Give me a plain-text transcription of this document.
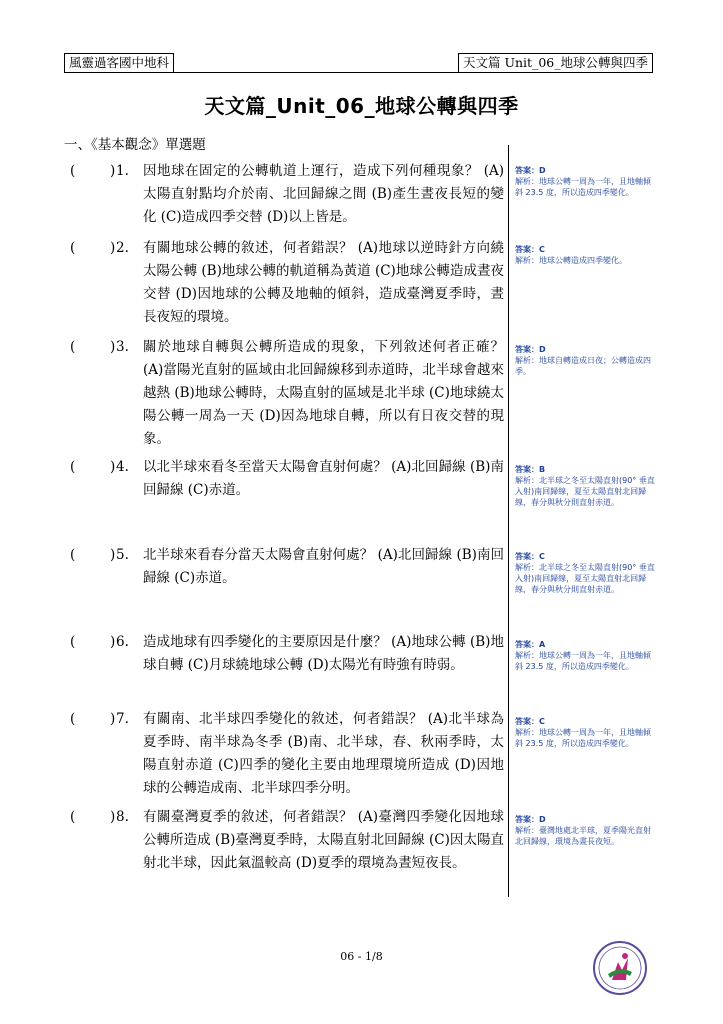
風靈過客國中地科	天文篇 Unit_06_地球公轉與四季
天文篇_Unit_06_地球公轉與四季
一、《基本觀念》單選題
(	) 1. 因地球在固定的公轉軌道上運行，造成下列何種現象？ (A)太陽直射點均介於南、北回歸線之間 (B)產生晝夜長短的變化 (C)造成四季交替 (D)以上皆是。
答案：D
解析：地球公轉一周為一年，且地軸傾斜 23.5 度，所以造成四季變化。
(	) 2. 有關地球公轉的敘述，何者錯誤？ (A)地球以逆時針方向繞太陽公轉 (B)地球公轉的軌道稱為黃道 (C)地球公轉造成晝夜交替 (D)因地球的公轉及地軸的傾斜，造成臺灣夏季時，晝長夜短的環境。
答案：C
解析：地球公轉造成四季變化。
(	) 3. 關於地球自轉與公轉所造成的現象，下列敘述何者正確？ (A)當陽光直射的區域由北回歸線移到赤道時，北半球會越來越熱 (B)地球公轉時，太陽直射的區域是北半球 (C)地球繞太陽公轉一周為一天 (D)因為地球自轉，所以有日夜交替的現象。
答案：D
解析：地球自轉造成日夜；公轉造成四季。
(	) 4. 以北半球來看冬至當天太陽會直射何處？ (A)北回歸線 (B)南回歸線 (C)赤道。
答案：B
解析：北半球之冬至太陽直射(90° 垂直入射)南回歸線，夏至太陽直射北回歸線，春分與秋分則直射赤道。
(	) 5. 北半球來看春分當天太陽會直射何處？ (A)北回歸線 (B)南回歸線 (C)赤道。
答案：C
解析：北半球之冬至太陽直射(90° 垂直入射)南回歸線，夏至太陽直射北回歸線，春分與秋分則直射赤道。
(	) 6. 造成地球有四季變化的主要原因是什麼？ (A)地球公轉 (B)地球自轉 (C)月球繞地球公轉 (D)太陽光有時強有時弱。
答案：A
解析：地球公轉一周為一年，且地軸傾斜 23.5 度，所以造成四季變化。
(	) 7. 有關南、北半球四季變化的敘述，何者錯誤？ (A)北半球為夏季時、南半球為冬季 (B)南、北半球，春、秋兩季時，太陽直射赤道 (C)四季的變化主要由地理環境所造成 (D)因地球的公轉造成南、北半球四季分明。
答案：C
解析：地球公轉一周為一年，且地軸傾斜 23.5 度，所以造成四季變化。
(	) 8. 有關臺灣夏季的敘述，何者錯誤？ (A)臺灣四季變化因地球公轉所造成 (B)臺灣夏季時，太陽直射北回歸線 (C)因太陽直射北半球，因此氣溫較高 (D)夏季的環境為晝短夜長。
答案：D
解析：臺灣地處北半球，夏季陽光直射北回歸線，環境為晝長夜短。
06 - 1/8
